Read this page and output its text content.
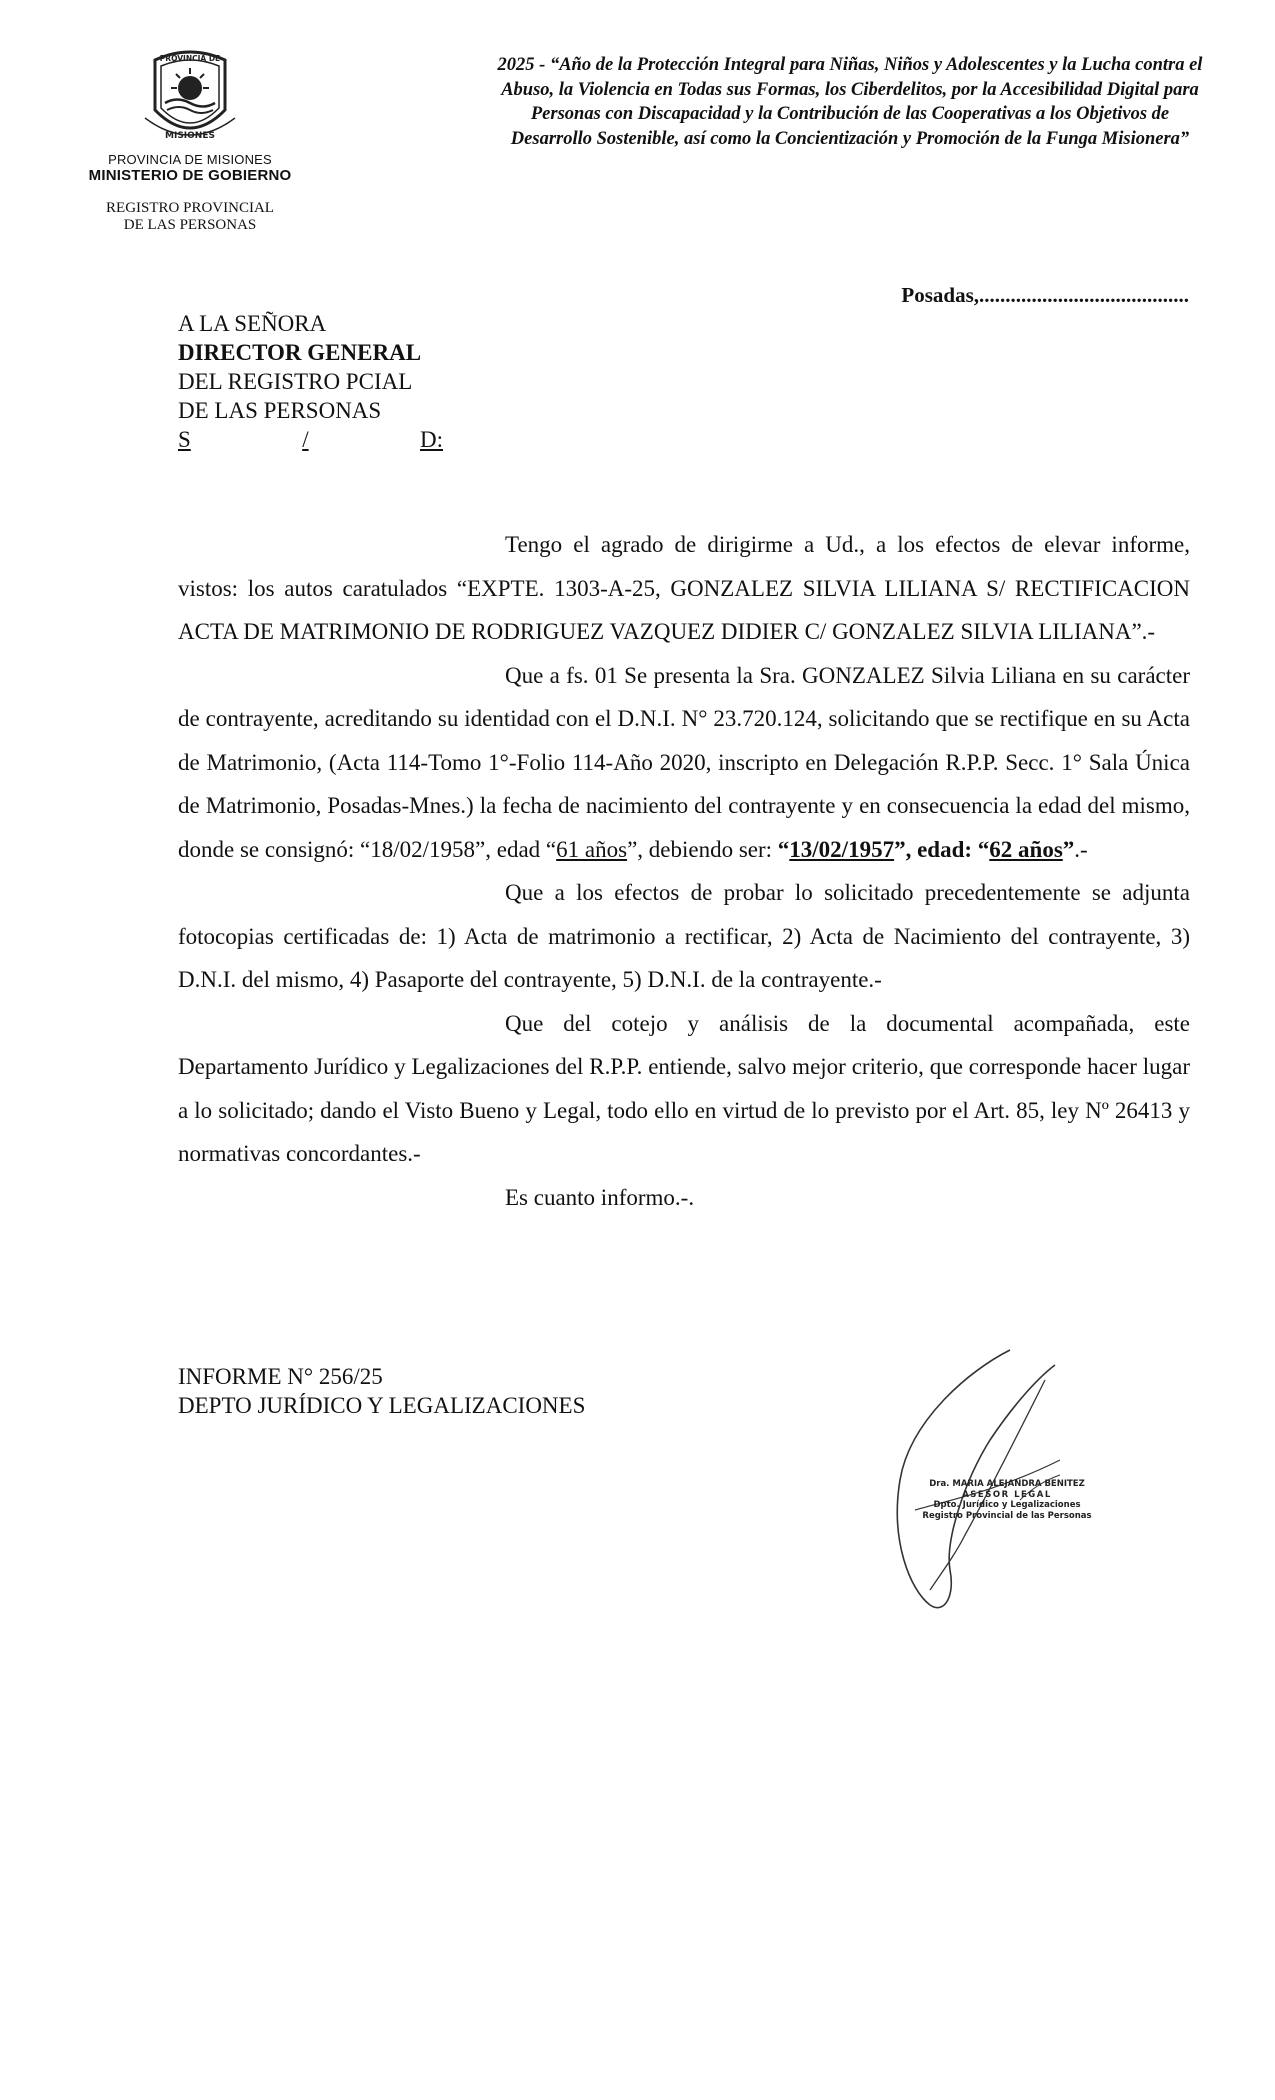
PROVINCIA DE
MISIONES
PROVINCIA DE MISIONES
MINISTERIO DE GOBIERNO
REGISTRO PROVINCIAL
DE LAS PERSONAS
2025 - “Año de la Protección Integral para Niñas, Niños y Adolescentes y la Lucha contra el Abuso, la Violencia en Todas sus Formas, los Ciberdelitos, por la Accesibilidad Digital para Personas con Discapacidad y la Contribución de las Cooperativas a los Objetivos de Desarrollo Sostenible, así como la Concientización y Promoción de la Funga Misionera”
Posadas,........................................
A LA SEÑORA
DIRECTOR GENERAL
DEL REGISTRO PCIAL
DE LAS PERSONAS
S	/	D:

Tengo el agrado de dirigirme a Ud., a los efectos de elevar informe, vistos: los autos caratulados “EXPTE. 1303-A-25, GONZALEZ SILVIA LILIANA S/ RECTIFICACION ACTA DE MATRIMONIO DE RODRIGUEZ VAZQUEZ DIDIER C/ GONZALEZ SILVIA LILIANA”.-

Que a fs. 01 Se presenta la Sra. GONZALEZ Silvia Liliana en su carácter de contrayente, acreditando su identidad con el D.N.I. N° 23.720.124, solicitando que se rectifique en su Acta de Matrimonio, (Acta 114-Tomo 1°-Folio 114-Año 2020, inscripto en Delegación R.P.P. Secc. 1° Sala Única de Matrimonio, Posadas-Mnes.) la fecha de nacimiento del contrayente y en consecuencia la edad del mismo, donde se consignó: “18/02/1958”, edad “61 años”, debiendo ser: “13/02/1957”, edad: “62 años”.-

Que a los efectos de probar lo solicitado precedentemente se adjunta fotocopias certificadas de: 1) Acta de matrimonio a rectificar, 2) Acta de Nacimiento del contrayente, 3) D.N.I. del mismo, 4) Pasaporte del contrayente, 5) D.N.I. de la contrayente.-

Que del cotejo y análisis de la documental acompañada, este Departamento Jurídico y Legalizaciones del R.P.P. entiende, salvo mejor criterio, que corresponde hacer lugar a lo solicitado; dando el Visto Bueno y Legal, todo ello en virtud de lo previsto por el Art. 85, ley Nº 26413 y normativas concordantes.-

Es cuanto informo.-.

INFORME N° 256/25
DEPTO JURÍDICO Y LEGALIZACIONES
Dra. MARIA ALEJANDRA BENITEZ
ASESOR LEGAL
Dpto. Jurídico y Legalizaciones
Registro Provincial de las Personas
